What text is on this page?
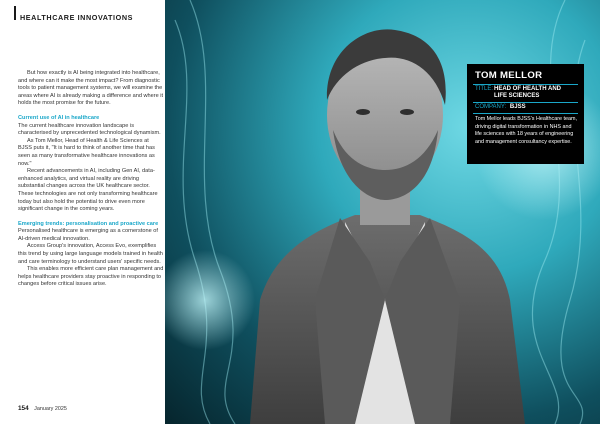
HEALTHCARE INNOVATIONS

But how exactly is AI being integrated into healthcare, and where can it make the most impact? From diagnostic tools to patient management systems, we will examine the areas where AI is already making a difference and where it holds the most promise for the future.

Current use of AI in healthcare

The current healthcare innovation landscape is characterised by unprecedented technological dynamism.

As Tom Mellor, Head of Health & Life Sciences at BJSS puts it, "It is hard to think of another time that has seen as many transformative healthcare innovations as now."

Recent advancements in AI, including Gen AI, data-enhanced analytics, and virtual reality are driving substantial changes across the UK healthcare sector. These technologies are not only transforming healthcare today but also hold the potential to drive even more significant change in the coming years.

Emerging trends: personalisation and proactive care

Personalised healthcare is emerging as a cornerstone of AI-driven medical innovation.

Access Group's innovation, Access Evo, exemplifies this trend by using large language models trained in health and care terminology to understand users' specific needs.

This enables more efficient care plan management and helps healthcare providers stay proactive in responding to changes before critical issues arise.

154 January 2025
TOM MELLOR
TITLE: HEAD OF HEALTH AND LIFE SCIENCES
COMPANY: BJSS
Tom Mellor leads BJSS's Healthcare team, driving digital transformation in NHS and life sciences with 18 years of engineering and management consultancy expertise.
